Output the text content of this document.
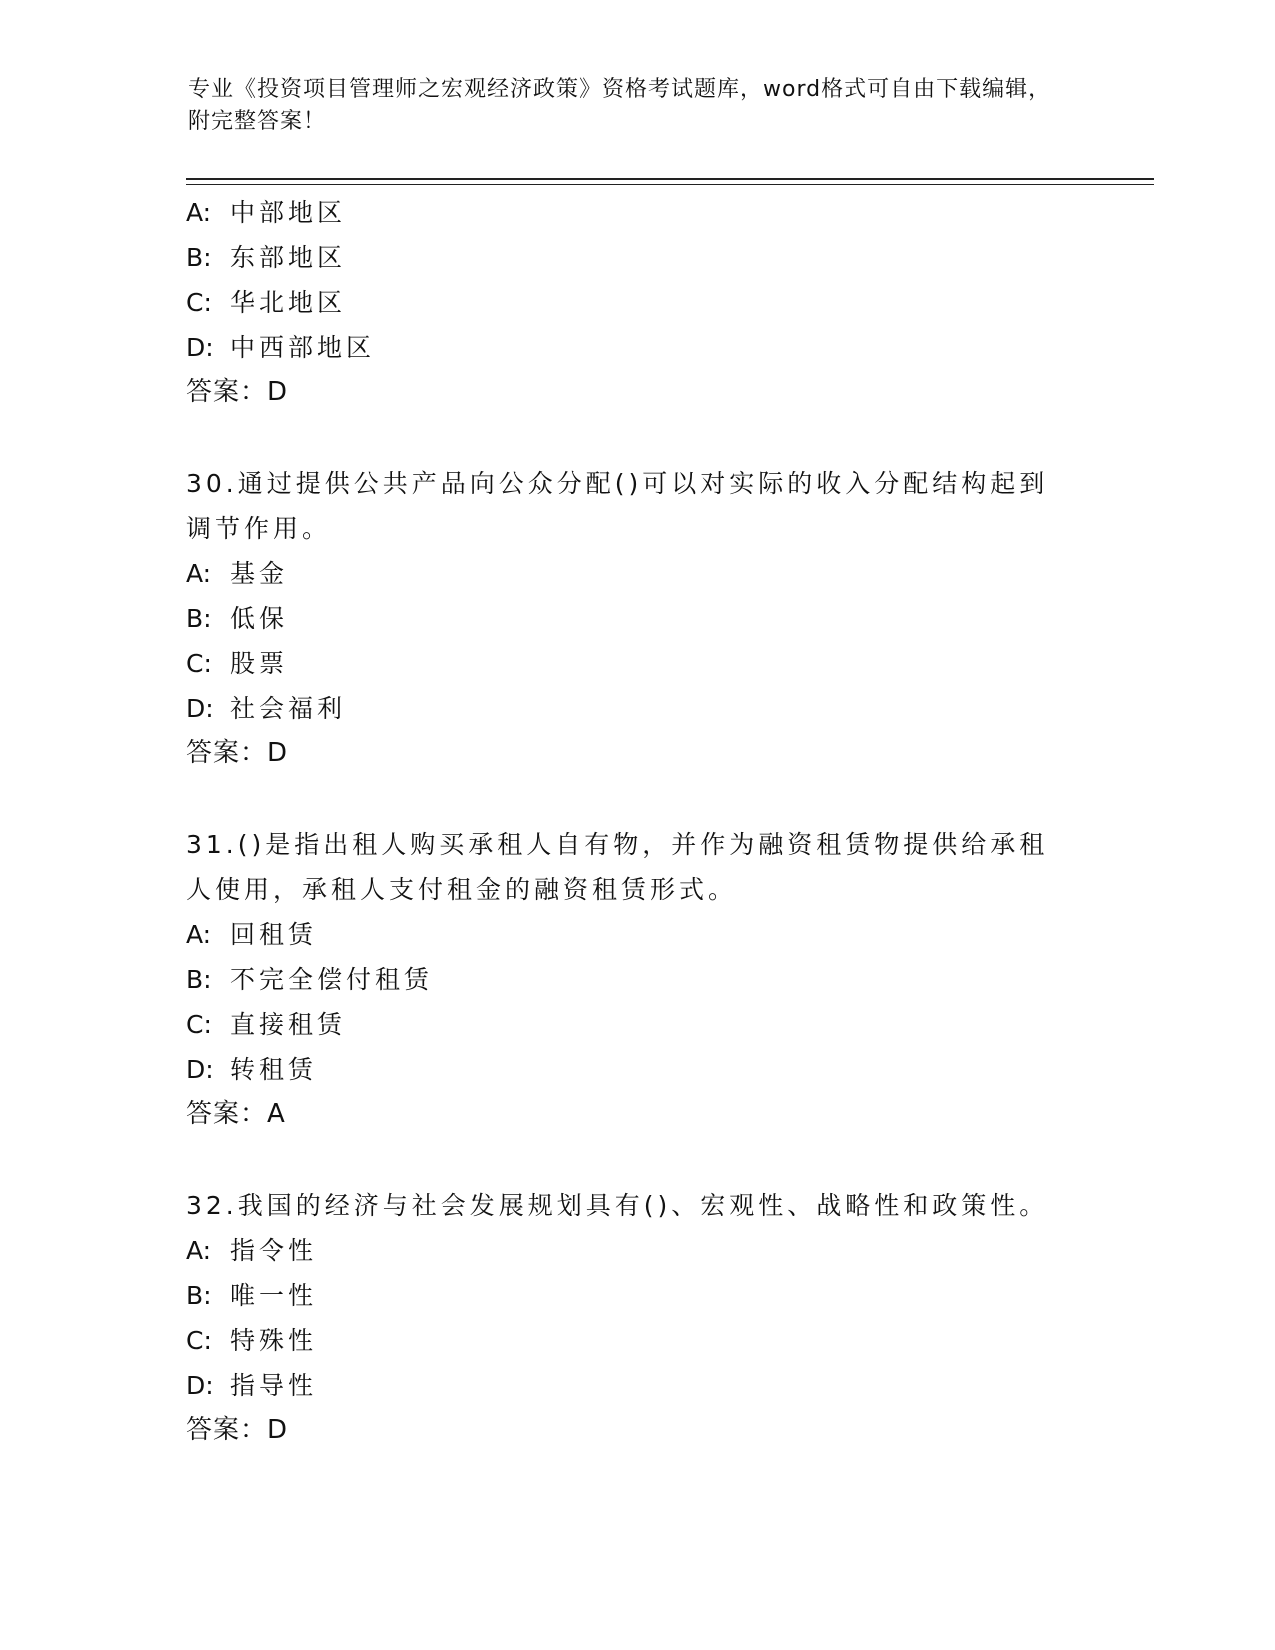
专业《投资项目管理师之宏观经济政策》资格考试题库，word格式可自由下载编辑，附完整答案！
A: 中部地区
B: 东部地区
C: 华北地区
D: 中西部地区
答案：D
30.通过提供公共产品向公众分配()可以对实际的收入分配结构起到调节作用。
A: 基金
B: 低保
C: 股票
D: 社会福利
答案：D
31.()是指出租人购买承租人自有物，并作为融资租赁物提供给承租人使用，承租人支付租金的融资租赁形式。
A: 回租赁
B: 不完全偿付租赁
C: 直接租赁
D: 转租赁
答案：A
32.我国的经济与社会发展规划具有()、宏观性、战略性和政策性。
A: 指令性
B: 唯一性
C: 特殊性
D: 指导性
答案：D
